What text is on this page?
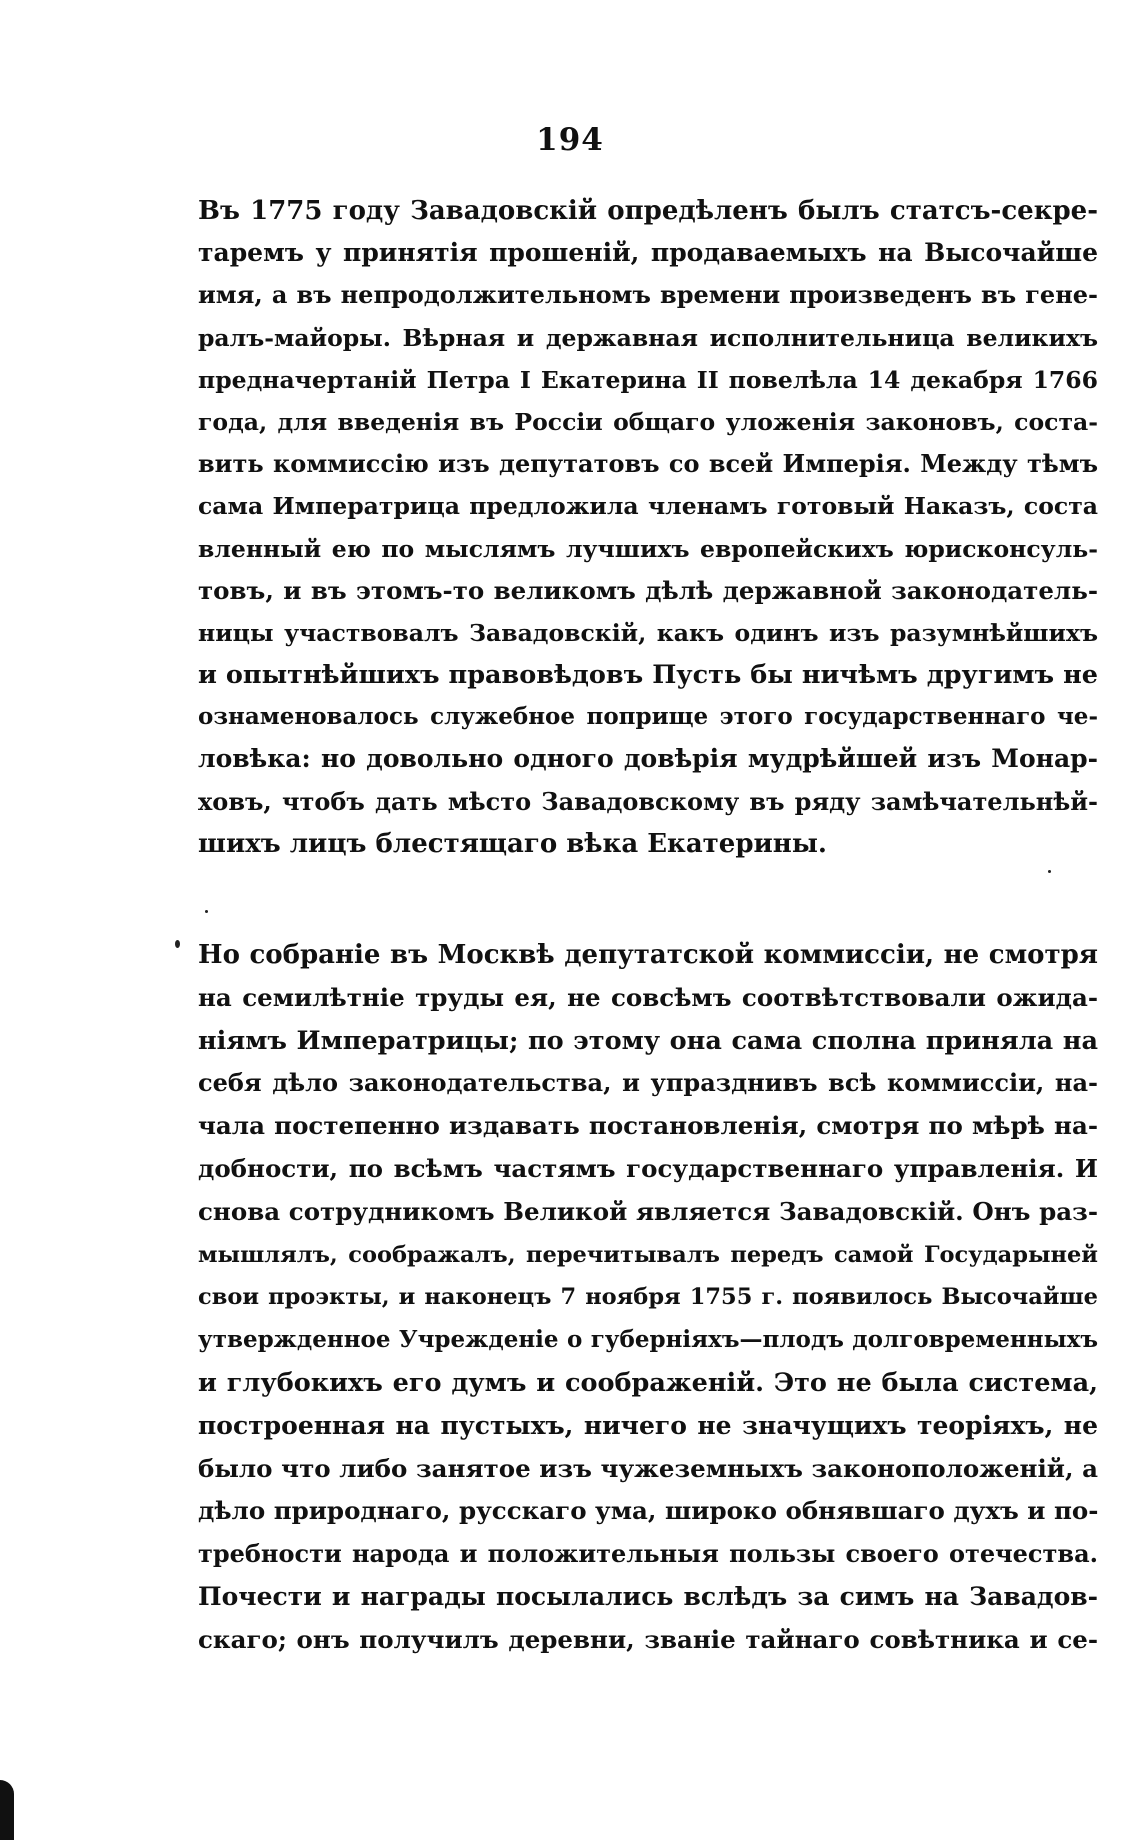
194
Въ 1775 году Завадовскій опредѣленъ былъ статсъ-секре-
таремъ у принятія прошеній, продаваемыхъ на Высочайше
имя, а въ непродолжительномъ времени произведенъ въ гене-
ралъ-майоры. Вѣрная и державная исполнительница великихъ
предначертаній Петра I Екатерина II повелѣла 14 декабря 1766
года, для введенія въ Россіи общаго уложенія законовъ, соста-
вить коммиссію изъ депутатовъ со всей Имперія. Между тѣмъ
сама Императрица предложила членамъ готовый Наказъ, соста
вленный ею по мыслямъ лучшихъ европейскихъ юрисконсуль-
товъ, и въ этомъ-то великомъ дѣлѣ державной законодатель-
ницы участвовалъ Завадовскій, какъ одинъ изъ разумнѣйшихъ
и опытнѣйшихъ правовѣдовъ Пусть бы ничѣмъ другимъ не
ознаменовалось служебное поприще этого государственнаго че-
ловѣка: но довольно одного довѣрія мудрѣйшей изъ Монар-
ховъ, чтобъ дать мѣсто Завадовскому въ ряду замѣчательнѣй-
шихъ лицъ блестящаго вѣка Екатерины.
Но собраніе въ Москвѣ депутатской коммиссіи, не смотря
на семилѣтніе труды ея, не совсѣмъ соотвѣтствовали ожида-
ніямъ Императрицы; по этому она сама сполна приняла на
себя дѣло законодательства, и упразднивъ всѣ коммиссіи, на-
чала постепенно издавать постановленія, смотря по мѣрѣ на-
добности, по всѣмъ частямъ государственнаго управленія. И
снова сотрудникомъ Великой является Завадовскій. Онъ раз-
мышлялъ, соображалъ, перечитывалъ передъ самой Государыней
свои проэкты, и наконецъ 7 ноября 1755 г. появилось Высочайше
утвержденное Учрежденіе о губерніяхъ—плодъ долговременныхъ
и глубокихъ его думъ и соображеній. Это не была система,
построенная на пустыхъ, ничего не значущихъ теоріяхъ, не
было что либо занятое изъ чужеземныхъ законоположеній, а
дѣло природнаго, русскаго ума, широко обнявшаго духъ и по-
требности народа и положительныя пользы своего отечества.
Почести и награды посылались вслѣдъ за симъ на Завадов-
скаго; онъ получилъ деревни, званіе тайнаго совѣтника и се-
